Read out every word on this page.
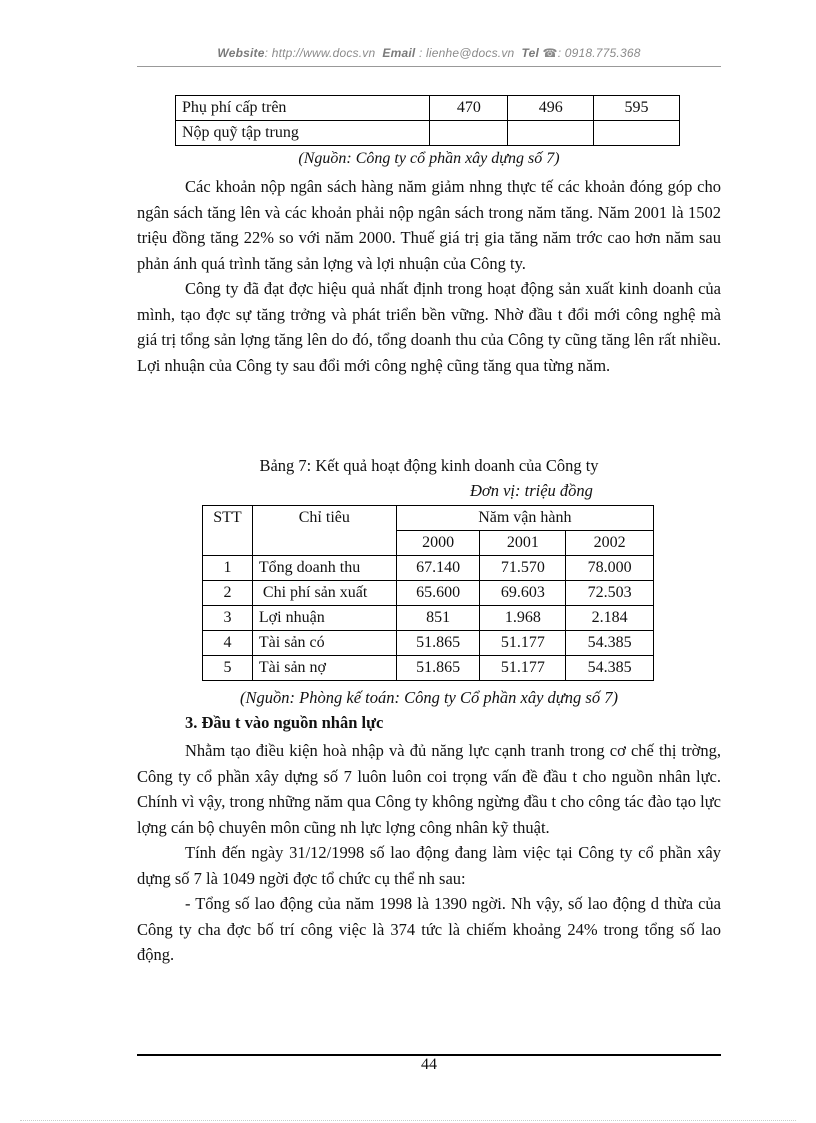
Website: http://www.docs.vn Email : lienhe@docs.vn Tel ☎: 0918.775.368
Phụ phí cấp trên	470	496	595
Nộp quỹ tập trung			
(Nguồn: Công ty cổ phần xây dựng số 7)

Các khoản nộp ngân sách hàng năm giảm nhng thực tế các khoản đóng góp cho ngân sách tăng lên và các khoản phải nộp ngân sách trong năm tăng. Năm 2001 là 1502 triệu đồng tăng 22% so với năm 2000. Thuế giá trị gia tăng năm trớc cao hơn năm sau phản ánh quá trình tăng sản lợng và lợi nhuận của Công ty.

Công ty đã đạt đợc hiệu quả nhất định trong hoạt động sản xuất kinh doanh của mình, tạo đợc sự tăng trởng và phát triển bền vững. Nhờ đầu t đổi mới công nghệ mà giá trị tổng sản lợng tăng lên do đó, tổng doanh thu của Công ty cũng tăng lên rất nhiều. Lợi nhuận của Công ty sau đổi mới công nghệ cũng tăng qua từng năm.

Bảng 7: Kết quả hoạt động kinh doanh của Công ty
Đơn vị: triệu đồng
STT	Chỉ tiêu	Năm vận hành		
		2000	2001	2002
1	Tổng doanh thu	67.140	71.570	78.000
2	Chi phí sản xuất	65.600	69.603	72.503
3	Lợi nhuận	851	1.968	2.184
4	Tài sản có	51.865	51.177	54.385
5	Tài sản nợ	51.865	51.177	54.385
(Nguồn: Phòng kế toán: Công ty Cổ phần xây dựng số 7)
3. Đầu t vào nguồn nhân lực

Nhằm tạo điều kiện hoà nhập và đủ năng lực cạnh tranh trong cơ chế thị trờng, Công ty cổ phần xây dựng số 7 luôn luôn coi trọng vấn đề đầu t cho nguồn nhân lực. Chính vì vậy, trong những năm qua Công ty không ngừng đầu t cho công tác đào tạo lực lợng cán bộ chuyên môn cũng nh lực lợng công nhân kỹ thuật.

Tính đến ngày 31/12/1998 số lao động đang làm việc tại Công ty cổ phần xây dựng số 7 là 1049 ngời đợc tổ chức cụ thể nh sau:

- Tổng số lao động của năm 1998 là 1390 ngời. Nh vậy, số lao động d thừa của Công ty cha đợc bố trí công việc là 374 tức là chiếm khoảng 24% trong tổng số lao động.

44
